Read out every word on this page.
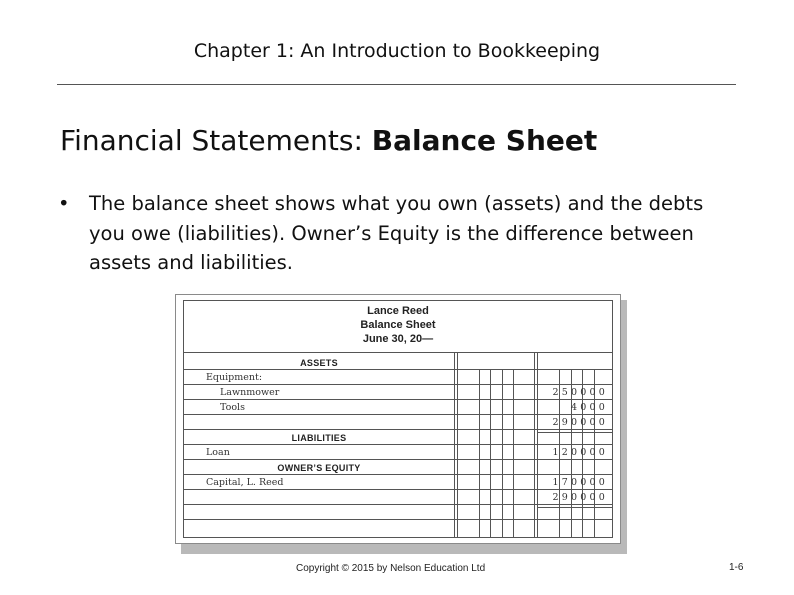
Chapter 1: An Introduction to Bookkeeping
Financial Statements: Balance Sheet
• The balance sheet shows what you own (assets) and the debts you owe (liabilities). Owner’s Equity is the difference between assets and liabilities.
Lance Reed
Balance Sheet
June 30, 20—
ASSETS
LIABILITIES
OWNER’S EQUITY
Equipment:
Lawnmower
Tools
Loan
Capital, L. Reed
250000
4000
290000
120000
170000
290000
Copyright © 2015 by Nelson Education Ltd	1-6
